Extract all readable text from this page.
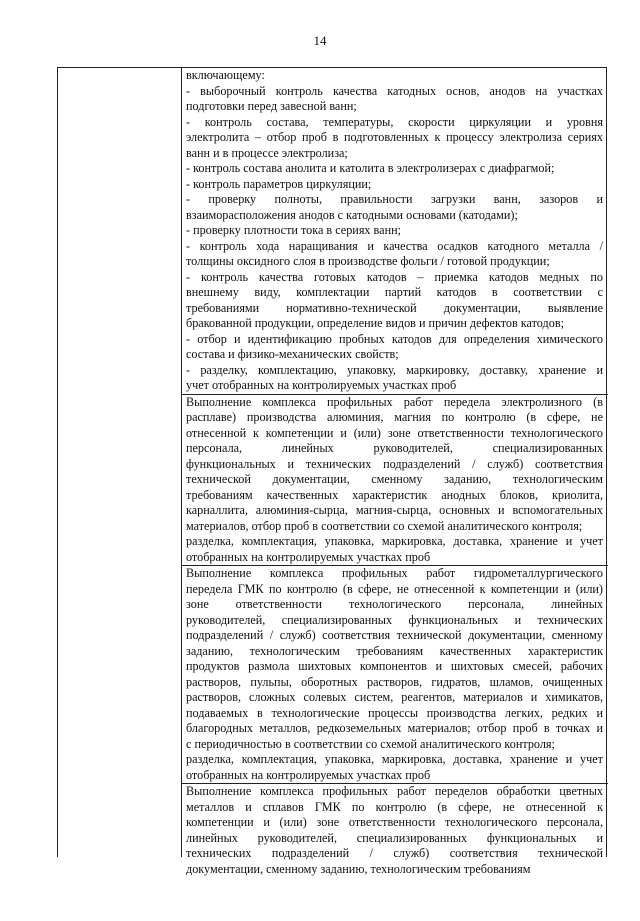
14
включающему:
- выборочный контроль качества катодных основ, анодов на участках
подготовки перед завесной ванн;
- контроль состава, температуры, скорости циркуляции и уровня
электролита – отбор проб в подготовленных к процессу электролиза сериях
ванн и в процессе электролиза;
- контроль состава анолита и католита в электролизерах с диафрагмой;
- контроль параметров циркуляции;
- проверку полноты, правильности загрузки ванн, зазоров и
взаиморасположения анодов с катодными основами (катодами);
- проверку плотности тока в сериях ванн;
- контроль хода наращивания и качества осадков катодного металла /
толщины оксидного слоя в производстве фольги / готовой продукции;
- контроль качества готовых катодов – приемка катодов медных по
внешнему виду, комплектации партий катодов в соответствии с
требованиями нормативно-технической документации, выявление
бракованной продукции, определение видов и причин дефектов катодов;
- отбор и идентификацию пробных катодов для определения химического
состава и физико-механических свойств;
- разделку, комплектацию, упаковку, маркировку, доставку, хранение и
учет отобранных на контролируемых участках проб
Выполнение комплекса профильных работ передела электролизного (в
расплаве) производства алюминия, магния по контролю (в сфере, не
отнесенной к компетенции и (или) зоне ответственности технологического
персонала, линейных руководителей, специализированных
функциональных и технических подразделений / служб) соответствия
технической документации, сменному заданию, технологическим
требованиям качественных характеристик анодных блоков, криолита,
карналлита, алюминия-сырца, магния-сырца, основных и вспомогательных
материалов, отбор проб в соответствии со схемой аналитического контроля;
разделка, комплектация, упаковка, маркировка, доставка, хранение и учет
отобранных на контролируемых участках проб
Выполнение комплекса профильных работ гидрометаллургического
передела ГМК по контролю (в сфере, не отнесенной к компетенции и (или)
зоне ответственности технологического персонала, линейных
руководителей, специализированных функциональных и технических
подразделений / служб) соответствия технической документации, сменному
заданию, технологическим требованиям качественных характеристик
продуктов размола шихтовых компонентов и шихтовых смесей, рабочих
растворов, пульпы, оборотных растворов, гидратов, шламов, очищенных
растворов, сложных солевых систем, реагентов, материалов и химикатов,
подаваемых в технологические процессы производства легких, редких и
благородных металлов, редкоземельных материалов; отбор проб в точках и
с периодичностью в соответствии со схемой аналитического контроля;
разделка, комплектация, упаковка, маркировка, доставка, хранение и учет
отобранных на контролируемых участках проб
Выполнение комплекса профильных работ переделов обработки цветных
металлов и сплавов ГМК по контролю (в сфере, не отнесенной к
компетенции и (или) зоне ответственности технологического персонала,
линейных руководителей, специализированных функциональных и
технических подразделений / служб) соответствия технической
документации, сменному заданию, технологическим требованиям
